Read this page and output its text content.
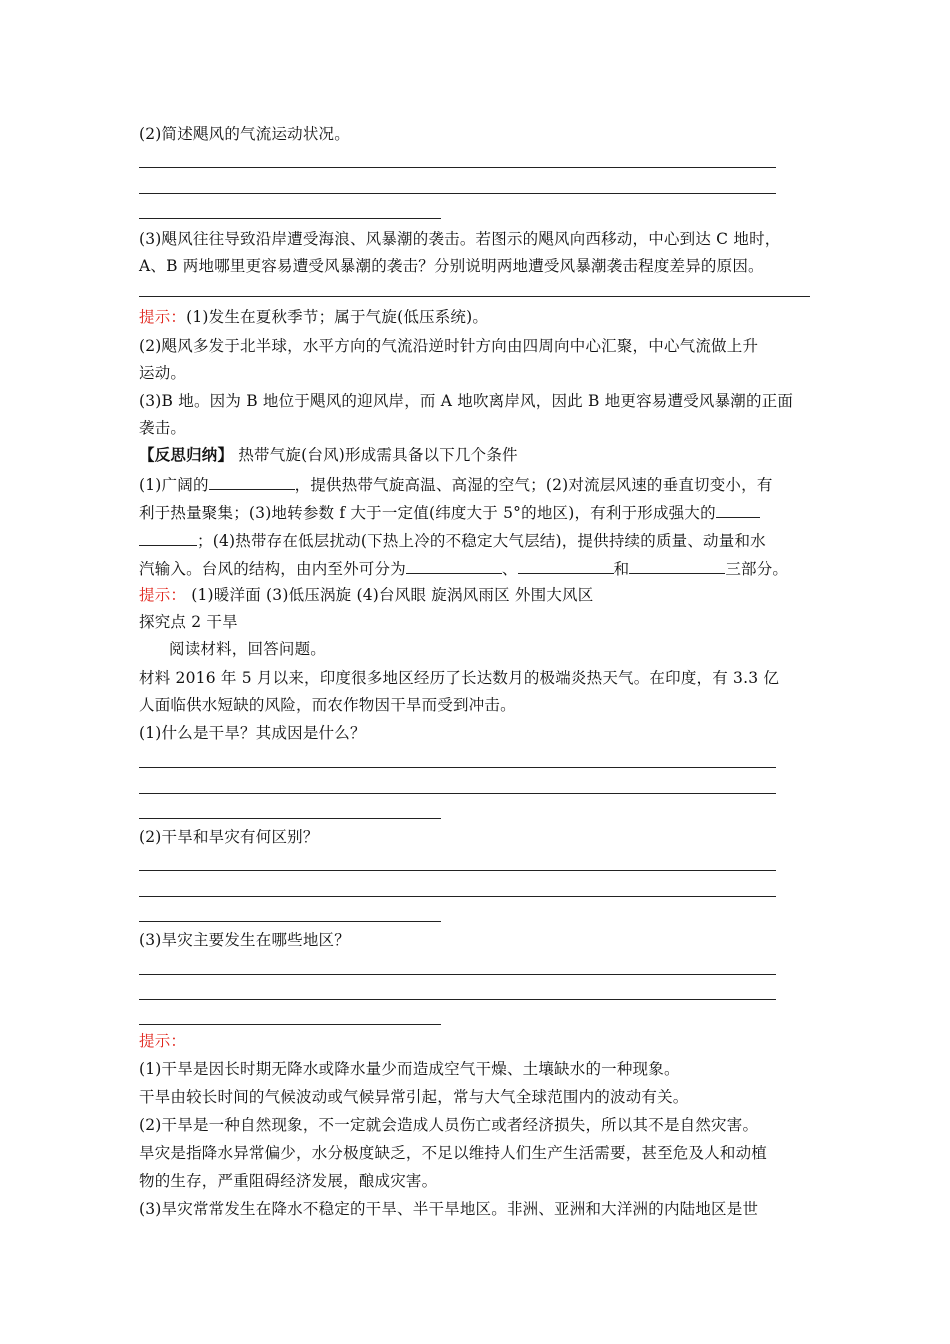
(2)简述飓风的气流运动状况。
(3)飓风往往导致沿岸遭受海浪、风暴潮的袭击。若图示的飓风向西移动，中心到达 C 地时，
A、B 两地哪里更容易遭受风暴潮的袭击？分别说明两地遭受风暴潮袭击程度差异的原因。
提示：(1)发生在夏秋季节；属于气旋(低压系统)。
(2)飓风多发于北半球，水平方向的气流沿逆时针方向由四周向中心汇聚，中心气流做上升
运动。
(3)B 地。因为 B 地位于飓风的迎风岸，而 A 地吹离岸风，因此 B 地更容易遭受风暴潮的正面
袭击。
【反思归纳】 热带气旋(台风)形成需具备以下几个条件
(1)广阔的	，提供热带气旋高温、高湿的空气；(2)对流层风速的垂直切变小，有
利于热量聚集；(3)地转参数 f 大于一定值(纬度大于 5°的地区)，有利于形成强大的
；(4)热带存在低层扰动(下热上冷的不稳定大气层结)，提供持续的质量、动量和水
汽输入。台风的结构，由内至外可分为	、	和	三部分。
提示： (1)暖洋面 (3)低压涡旋 (4)台风眼 旋涡风雨区 外围大风区
探究点 2 干旱
阅读材料，回答问题。
材料 2016 年 5 月以来，印度很多地区经历了长达数月的极端炎热天气。在印度，有 3.3 亿
人面临供水短缺的风险，而农作物因干旱而受到冲击。
(1)什么是干旱？其成因是什么？
(2)干旱和旱灾有何区别？
(3)旱灾主要发生在哪些地区？
提示：
(1)干旱是因长时期无降水或降水量少而造成空气干燥、土壤缺水的一种现象。
干旱由较长时间的气候波动或气候异常引起，常与大气全球范围内的波动有关。
(2)干旱是一种自然现象，不一定就会造成人员伤亡或者经济损失，所以其不是自然灾害。
旱灾是指降水异常偏少，水分极度缺乏，不足以维持人们生产生活需要，甚至危及人和动植
物的生存，严重阻碍经济发展，酿成灾害。
(3)旱灾常常发生在降水不稳定的干旱、半干旱地区。非洲、亚洲和大洋洲的内陆地区是世
